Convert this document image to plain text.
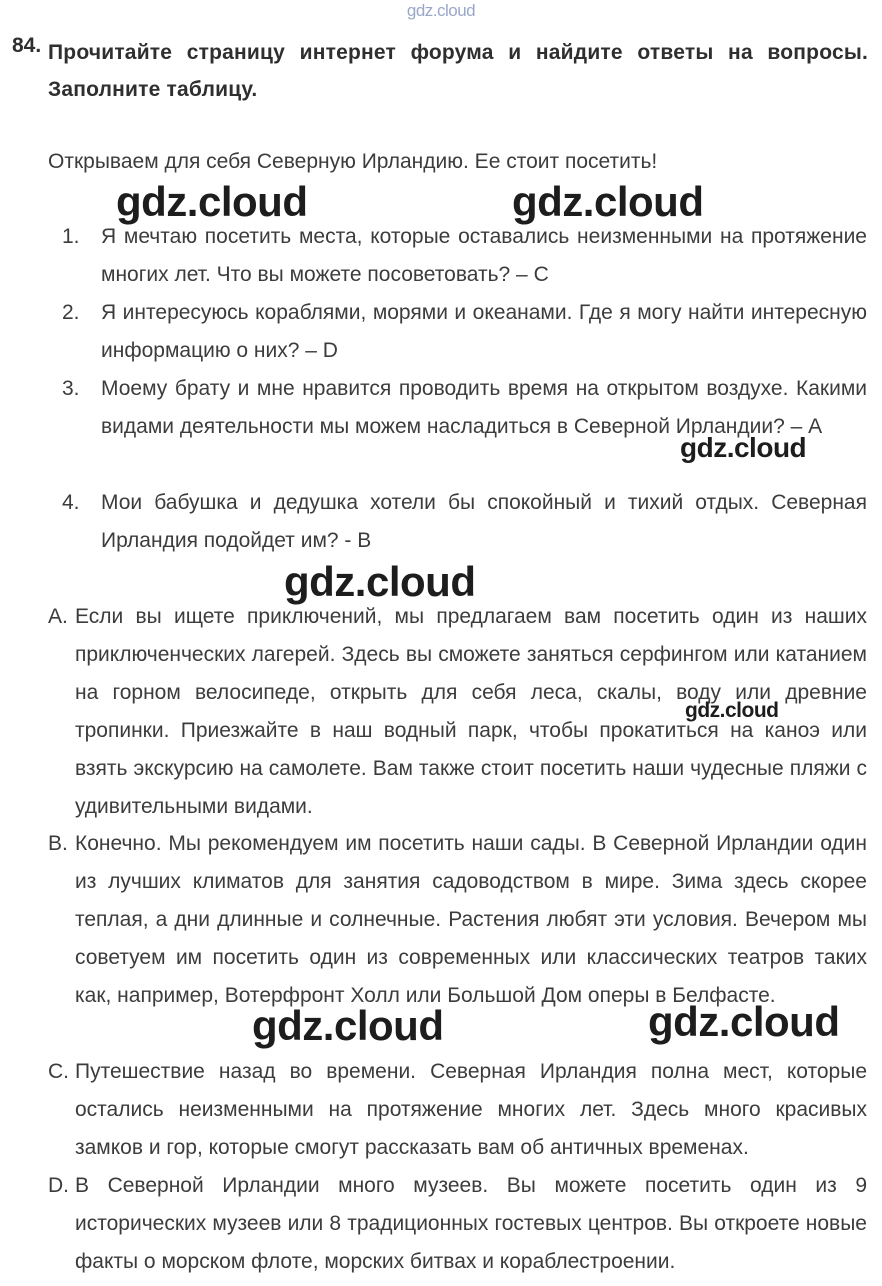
gdz.cloud
84. Прочитайте страницу интернет форума и найдите ответы на вопросы. Заполните таблицу.
Открываем для себя Северную Ирландию. Ее стоит посетить!
1. Я мечтаю посетить места, которые оставались неизменными на протяжение многих лет. Что вы можете посоветовать? – С
2. Я интересуюсь кораблями, морями и океанами. Где я могу найти интересную информацию о них? – D
3. Моему брату и мне нравится проводить время на открытом воздухе. Какими видами деятельности мы можем насладиться в Северной Ирландии? – А
4. Мои бабушка и дедушка хотели бы спокойный и тихий отдых. Северная Ирландия подойдет им? - В
А. Если вы ищете приключений, мы предлагаем вам посетить один из наших приключенческих лагерей. Здесь вы сможете заняться серфингом или катанием на горном велосипеде, открыть для себя леса, скалы, воду или древние тропинки. Приезжайте в наш водный парк, чтобы прокатиться на каноэ или взять экскурсию на самолете. Вам также стоит посетить наши чудесные пляжи с удивительными видами.
В. Конечно. Мы рекомендуем им посетить наши сады. В Северной Ирландии один из лучших климатов для занятия садоводством в мире. Зима здесь скорее теплая, а дни длинные и солнечные. Растения любят эти условия. Вечером мы советуем им посетить один из современных или классических театров таких как, например, Вотерфронт Холл или Большой Дом оперы в Белфасте.
С. Путешествие назад во времени. Северная Ирландия полна мест, которые остались неизменными на протяжение многих лет. Здесь много красивых замков и гор, которые смогут рассказать вам об античных временах.
D. В Северной Ирландии много музеев. Вы можете посетить один из 9 исторических музеев или 8 традиционных гостевых центров. Вы откроете новые факты о морском флоте, морских битвах и кораблестроении.
gdz.cloud	gdz.cloud
gdz.cloud
gdz.cloud
gdz.cloud
gdz.cloud	gdz.cloud
